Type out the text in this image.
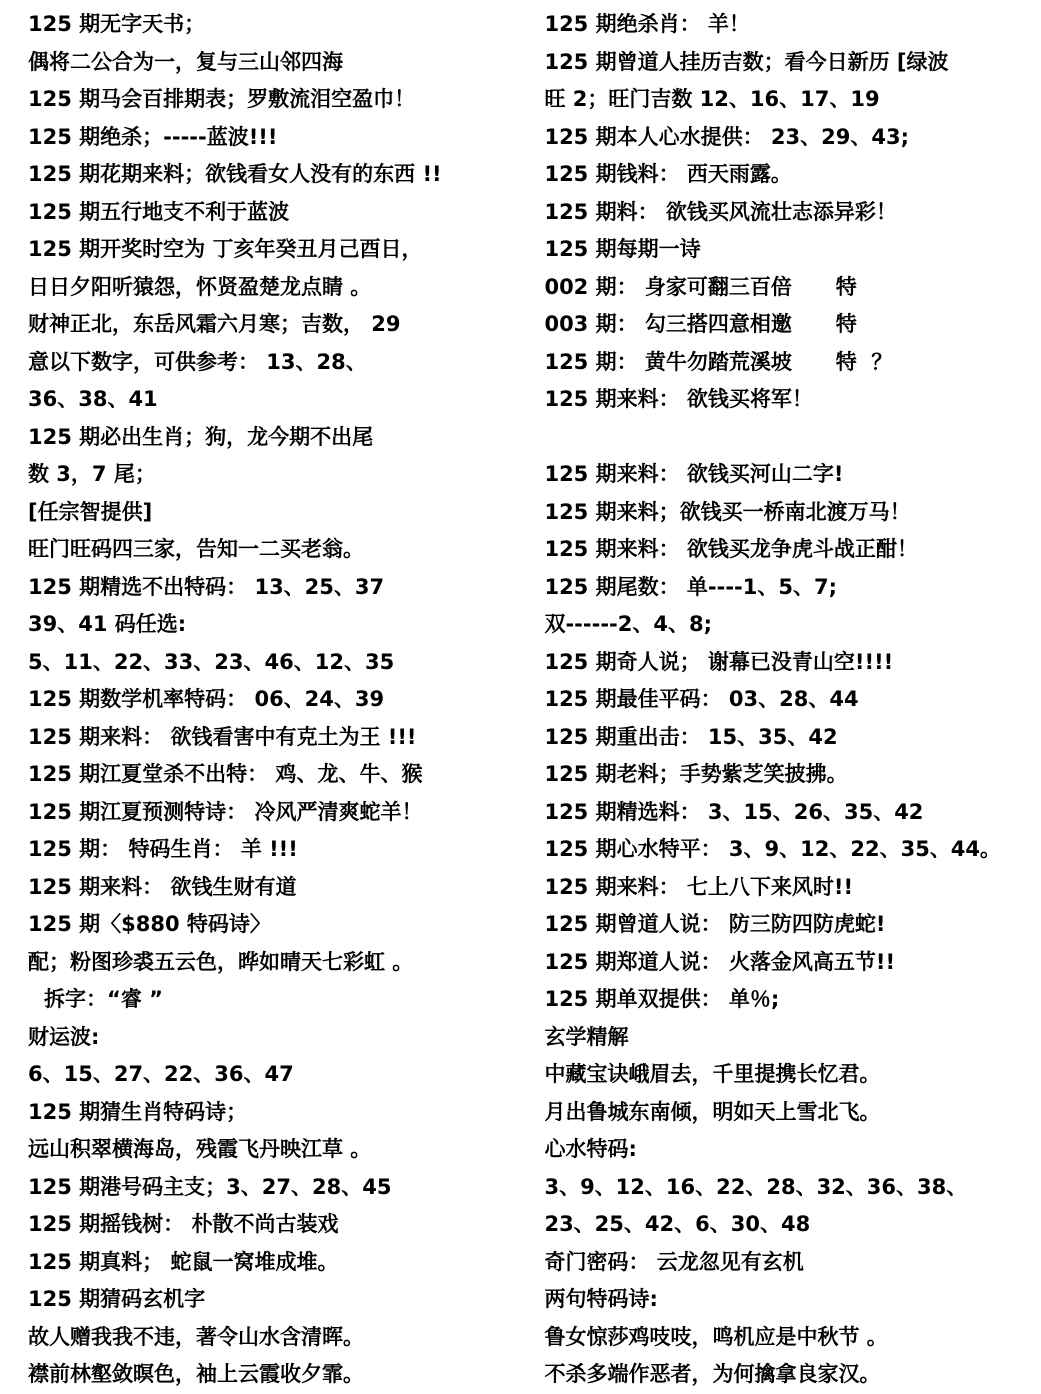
125 期无字天书；
偶将二公合为一，复与三山邻四海
125 期马会百排期表；罗敷流泪空盈巾！
125 期绝杀；-----蓝波!!!
125 期花期来料；欲钱看女人没有的东西 !!
125 期五行地支不利于蓝波
125 期开奖时空为 丁亥年癸丑月己酉日，
日日夕阳听猿怨，怀贤盈楚龙点睛 。
财神正北，东岳风霜六月寒；吉数， 29
意以下数字，可供参考： 13、28、
36、38、41
125 期必出生肖；狗，龙今期不出尾
数 3，7 尾；
[任宗智提供]
旺门旺码四三家，告知一二买老翁。
125 期精选不出特码： 13、25、37
39、41 码任选:
5、11、22、33、23、46、12、35
125 期数学机率特码： 06、24、39
125 期来料： 欲钱看害中有克土为王 !!!
125 期江夏堂杀不出特： 鸡、龙、牛、猴
125 期江夏预测特诗： 冷风严清爽蛇羊！
125 期： 特码生肖： 羊 !!!
125 期来料： 欲钱生财有道
125 期〈$880 特码诗〉
配；粉图珍裘五云色，晔如晴天七彩虹 。
拆字：“睿 ”
财运波:
6、15、27、22、36、47
125 期猜生肖特码诗；
远山积翠横海岛，残霞飞丹映江草 。
125 期港号码主支；3、27、28、45
125 期摇钱树： 朴散不尚古装戏
125 期真料； 蛇鼠一窝堆成堆。
125 期猜码玄机字
故人赠我我不违，著令山水含清晖。
襟前林壑敛暝色，袖上云霞收夕霏。
125 期绝杀肖： 羊！
125 期曾道人挂历吉数；看今日新历 [绿波
旺 2；旺门吉数 12、16、17、19
125 期本人心水提供： 23、29、43;
125 期钱料： 西天雨露。
125 期料： 欲钱买风流壮志添异彩！
125 期每期一诗
002 期： 身家可翻三百倍      特
003 期： 勾三搭四意相邀      特
125 期： 黄牛勿踏荒溪坡      特  ？
125 期来料： 欲钱买将军！
125 期来料： 欲钱买河山二字!
125 期来料；欲钱买一桥南北渡万马！
125 期来料： 欲钱买龙争虎斗战正酣！
125 期尾数： 单----1、5、7;
双------2、4、8;
125 期奇人说； 谢幕已没青山空!!!!
125 期最佳平码： 03、28、44
125 期重出击： 15、35、42
125 期老料；手势紫芝笑披拂。
125 期精选料： 3、15、26、35、42
125 期心水特平： 3、9、12、22、35、44。
125 期来料： 七上八下来风时!!
125 期曾道人说： 防三防四防虎蛇!
125 期郑道人说： 火落金风高五节!!
125 期单双提供： 单％;
玄学精解
中藏宝诀峨眉去，千里提携长忆君。
月出鲁城东南倾，明如天上雪北飞。
心水特码:
3、9、12、16、22、28、32、36、38、
23、25、42、6、30、48
奇门密码： 云龙忽见有玄机
两句特码诗:
鲁女惊莎鸡吱吱，鸣机应是中秋节 。
不杀多端作恶者，为何擒拿良家汉。
